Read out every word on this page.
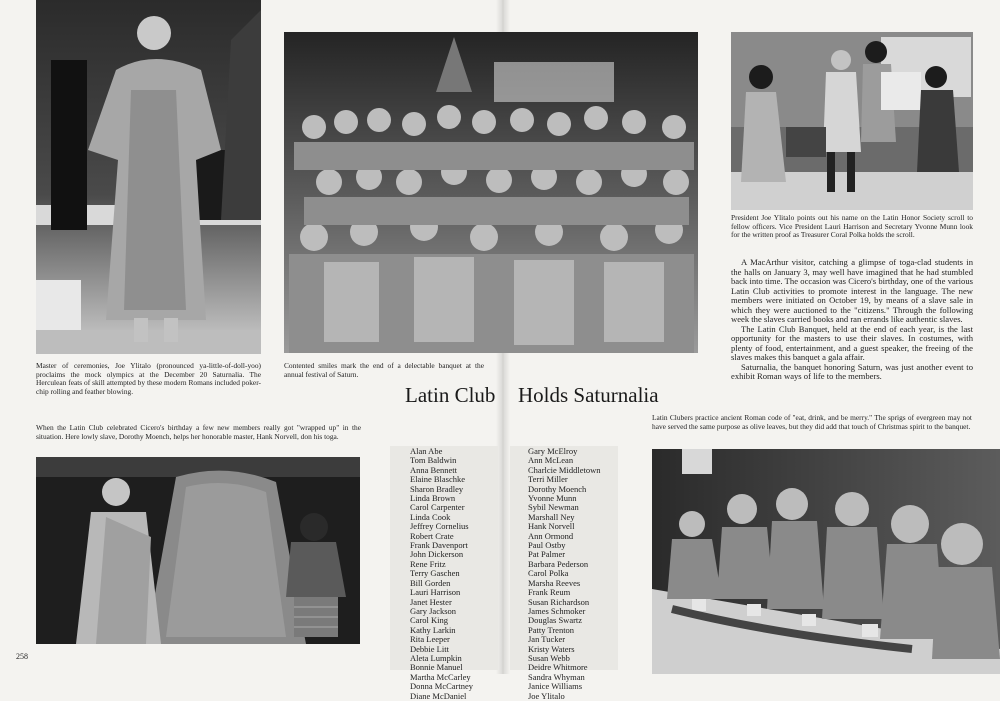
Master of ceremonies, Joe Ylitalo (pronounced ya-little-of-doll-yoo) proclaims the mock olympics at the December 20 Saturnalia. The Herculean feats of skill attempted by these modern Romans included poker-chip rolling and feather blowing.

Contented smiles mark the end of a delectable banquet at the annual festival of Saturn.

President Joe Ylitalo points out his name on the Latin Honor Society scroll to fellow officers. Vice President Lauri Harrison and Secretary Yvonne Munn look for the written proof as Treasurer Coral Polka holds the scroll.

A MacArthur visitor, catching a glimpse of toga-clad students in the halls on January 3, may well have imagined that he had stumbled back into time. The occasion was Cicero's birthday, one of the various Latin Club activities to promote interest in the language. The new members were initiated on October 19, by means of a slave sale in which they were auctioned to the "citizens." Through the following week the slaves carried books and ran errands like authentic slaves.

The Latin Club Banquet, held at the end of each year, is the last opportunity for the masters to use their slaves. In costumes, with plenty of food, entertainment, and a guest speaker, the freeing of the slaves makes this banquet a gala affair.

Saturnalia, the banquet honoring Saturn, was just another event to exhibit Roman ways of life to the members.

Latin Club Holds Saturnalia

When the Latin Club celebrated Cicero's birthday a few new members really got "wrapped up" in the situation. Here lowly slave, Dorothy Moench, helps her honorable master, Hank Norvell, don his toga.

Alan Abe
Tom Baldwin
Anna Bennett
Elaine Blaschke
Sharon Bradley
Linda Brown
Carol Carpenter
Linda Cook
Jeffrey Cornelius
Robert Crate
Frank Davenport
John Dickerson
Rene Fritz
Terry Gaschen
Bill Gorden
Lauri Harrison
Janet Hester
Gary Jackson
Carol King
Kathy Larkin
Rita Leeper
Debbie Litt
Aleta Lumpkin
Bonnie Manuel
Martha McCarley
Donna McCartney
Diane McDaniel
Gary McElroy
Ann McLean
Charlcie Middletown
Terri Miller
Dorothy Moench
Yvonne Munn
Sybil Newman
Marshall Ney
Hank Norvell
Ann Ormond
Paul Ostby
Pat Palmer
Barbara Pederson
Carol Polka
Marsha Reeves
Frank Reum
Susan Richardson
James Schmoker
Douglas Swartz
Patty Trenton
Jan Tucker
Kristy Waters
Susan Webb
Deidre Whitmore
Sandra Whyman
Janice Williams
Joe Ylitalo

Latin Clubers practice ancient Roman code of "eat, drink, and be merry." The sprigs of evergreen may not have served the same purpose as olive leaves, but they did add that touch of Christmas spirit to the banquet.

258
